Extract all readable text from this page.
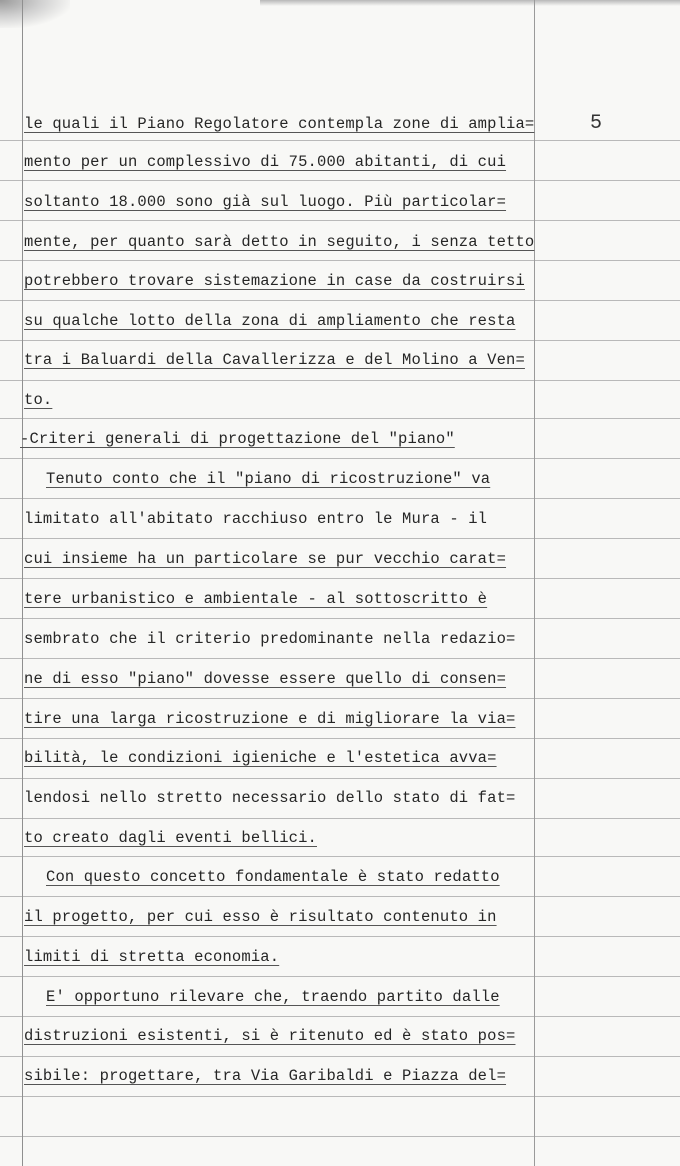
5
le quali il Piano Regolatore contempla zone di amplia=
mento per un complessivo di 75.000 abitanti, di cui
soltanto 18.000 sono già sul luogo. Più particolar=
mente, per quanto sarà detto in seguito, i senza tetto
potrebbero trovare sistemazione in case da costruirsi
su qualche lotto della zona di ampliamento che resta
tra i Baluardi della Cavallerizza e del Molino a Ven=
to.
-Criteri generali di progettazione del "piano"
Tenuto conto che il "piano di ricostruzione" va
limitato all'abitato racchiuso entro le Mura - il
cui insieme ha un particolare se pur vecchio carat=
tere urbanistico e ambientale - al sottoscritto è
sembrato che il criterio predominante nella redazio=
ne di esso "piano" dovesse essere quello di consen=
tire una larga ricostruzione e di migliorare la via=
bilità, le condizioni igieniche e l'estetica avva=
lendosi nello stretto necessario dello stato di fat=
to creato dagli eventi bellici.
Con questo concetto fondamentale è stato redatto
il progetto, per cui esso è risultato contenuto in
limiti di stretta economia.
E' opportuno rilevare che, traendo partito dalle
distruzioni esistenti, si è ritenuto ed è stato pos=
sibile: progettare, tra Via Garibaldi e Piazza del=
